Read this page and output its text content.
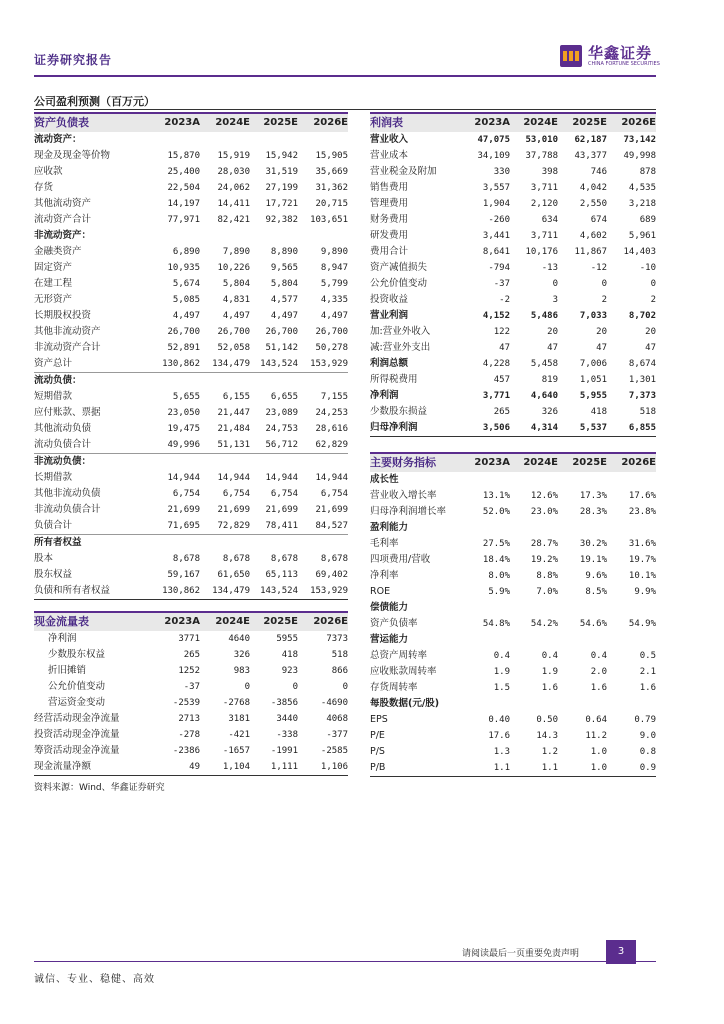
证券研究报告	华鑫证券
CHINA FORTUNE SECURITIES
公司盈利预测（百万元）
资产负债表	2023A	2024E	2025E	2026E
流动资产：				
现金及现金等价物	15,870	15,919	15,942	15,905
应收款	25,400	28,030	31,519	35,669
存货	22,504	24,062	27,199	31,362
其他流动资产	14,197	14,411	17,721	20,715
流动资产合计	77,971	82,421	92,382	103,651
非流动资产：				
金融类资产	6,890	7,890	8,890	9,890
固定资产	10,935	10,226	9,565	8,947
在建工程	5,674	5,804	5,804	5,799
无形资产	5,085	4,831	4,577	4,335
长期股权投资	4,497	4,497	4,497	4,497
其他非流动资产	26,700	26,700	26,700	26,700
非流动资产合计	52,891	52,058	51,142	50,278
资产总计	130,862	134,479	143,524	153,929
流动负债：				
短期借款	5,655	6,155	6,655	7,155
应付账款、票据	23,050	21,447	23,089	24,253
其他流动负债	19,475	21,484	24,753	28,616
流动负债合计	49,996	51,131	56,712	62,829
非流动负债：				
长期借款	14,944	14,944	14,944	14,944
其他非流动负债	6,754	6,754	6,754	6,754
非流动负债合计	21,699	21,699	21,699	21,699
负债合计	71,695	72,829	78,411	84,527
所有者权益				
股本	8,678	8,678	8,678	8,678
股东权益	59,167	61,650	65,113	69,402
负债和所有者权益	130,862	134,479	143,524	153,929
利润表	2023A	2024E	2025E	2026E
营业收入	47,075	53,010	62,187	73,142
营业成本	34,109	37,788	43,377	49,998
营业税金及附加	330	398	746	878
销售费用	3,557	3,711	4,042	4,535
管理费用	1,904	2,120	2,550	3,218
财务费用	-260	634	674	689
研发费用	3,441	3,711	4,602	5,961
费用合计	8,641	10,176	11,867	14,403
资产减值损失	-794	-13	-12	-10
公允价值变动	-37	0	0	0
投资收益	-2	3	2	2
营业利润	4,152	5,486	7,033	8,702
加:营业外收入	122	20	20	20
减:营业外支出	47	47	47	47
利润总额	4,228	5,458	7,006	8,674
所得税费用	457	819	1,051	1,301
净利润	3,771	4,640	5,955	7,373
少数股东损益	265	326	418	518
归母净利润	3,506	4,314	5,537	6,855
主要财务指标	2023A	2024E	2025E	2026E
成长性				
营业收入增长率	13.1%	12.6%	17.3%	17.6%
归母净利润增长率	52.0%	23.0%	28.3%	23.8%
盈利能力				
毛利率	27.5%	28.7%	30.2%	31.6%
四项费用/营收	18.4%	19.2%	19.1%	19.7%
净利率	8.0%	8.8%	9.6%	10.1%
ROE	5.9%	7.0%	8.5%	9.9%
偿债能力				
资产负债率	54.8%	54.2%	54.6%	54.9%
营运能力				
总资产周转率	0.4	0.4	0.4	0.5
应收账款周转率	1.9	1.9	2.0	2.1
存货周转率	1.5	1.6	1.6	1.6
每股数据(元/股)				
EPS	0.40	0.50	0.64	0.79
P/E	17.6	14.3	11.2	9.0
P/S	1.3	1.2	1.0	0.8
P/B	1.1	1.1	1.0	0.9
现金流量表	2023A	2024E	2025E	2026E
净利润	3771	4640	5955	7373
少数股东权益	265	326	418	518
折旧摊销	1252	983	923	866
公允价值变动	-37	0	0	0
营运资金变动	-2539	-2768	-3856	-4690
经营活动现金净流量	2713	3181	3440	4068
投资活动现金净流量	-278	-421	-338	-377
筹资活动现金净流量	-2386	-1657	-1991	-2585
现金流量净额	49	1,104	1,111	1,106
资料来源：Wind、华鑫证券研究
请阅读最后一页重要免责声明	3
诚信、专业、稳健、高效
